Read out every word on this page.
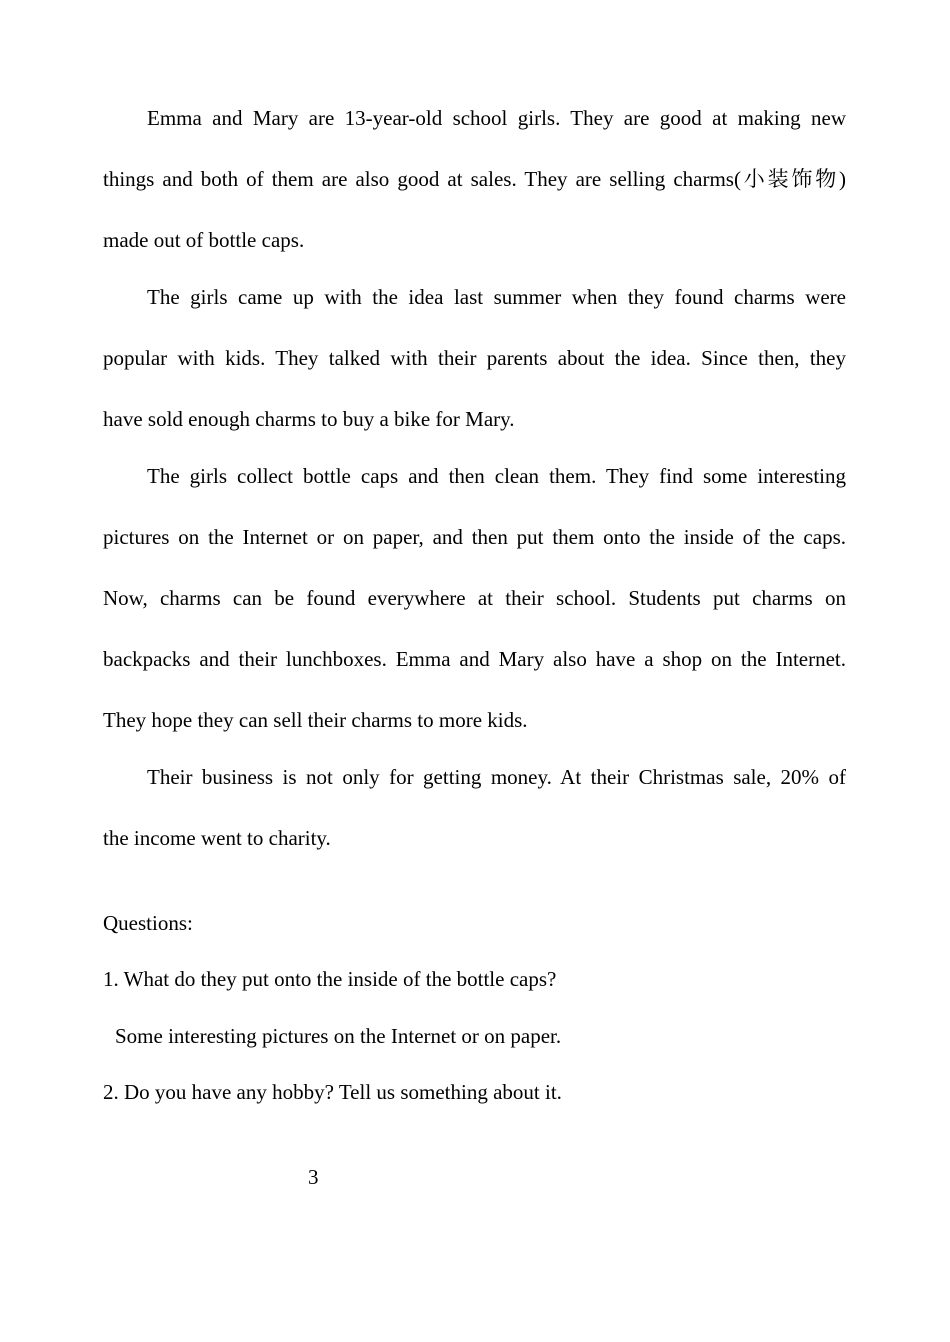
Emma and Mary are 13-year-old school girls. They are good at making new
things and both of them are also good at sales. They are selling charms(小装饰物)
made out of bottle caps.
The girls came up with the idea last summer when they found charms were
popular with kids. They talked with their parents about the idea. Since then, they
have sold enough charms to buy a bike for Mary.
The girls collect bottle caps and then clean them. They find some interesting
pictures on the Internet or on paper, and then put them onto the inside of the caps.
Now, charms can be found everywhere at their school. Students put charms on
backpacks and their lunchboxes. Emma and Mary also have a shop on the Internet.
They hope they can sell their charms to more kids.
Their business is not only for getting money. At their Christmas sale, 20% of
the income went to charity.
Questions:
1. What do they put onto the inside of the bottle caps?
Some interesting pictures on the Internet or on paper.
2. Do you have any hobby? Tell us something about it.
3
